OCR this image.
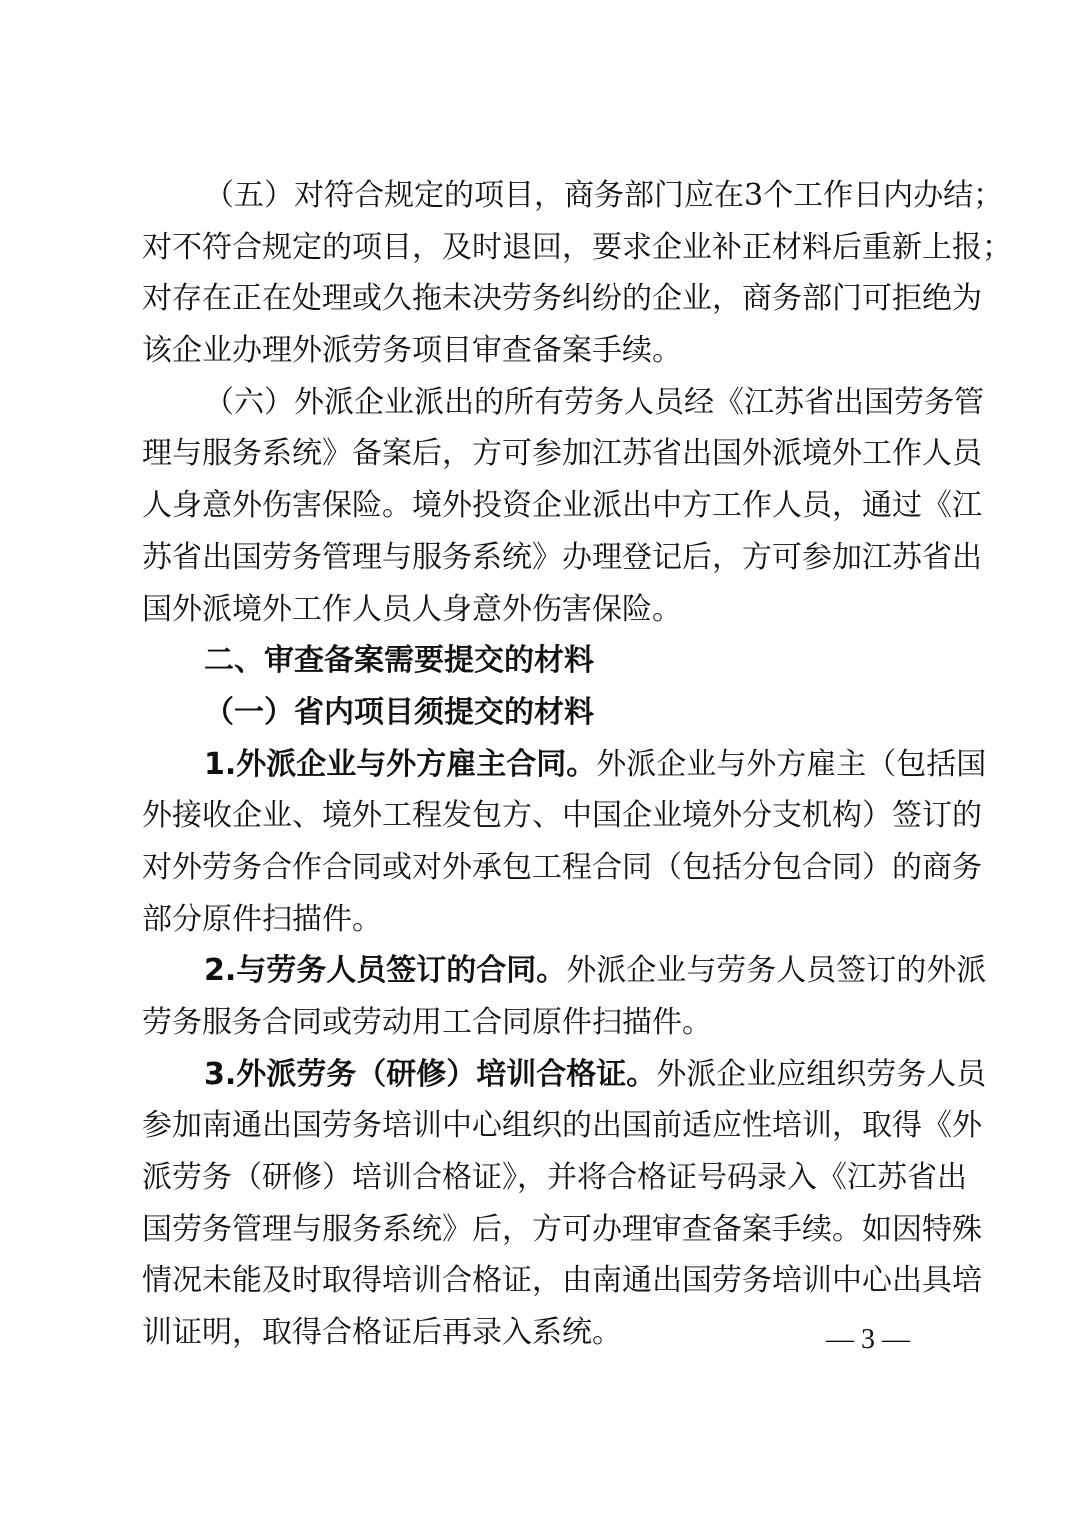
（五）对符合规定的项目，商务部门应在3个工作日内办结；
对不符合规定的项目，及时退回，要求企业补正材料后重新上报；
对存在正在处理或久拖未决劳务纠纷的企业，商务部门可拒绝为
该企业办理外派劳务项目审查备案手续。
（六）外派企业派出的所有劳务人员经《江苏省出国劳务管
理与服务系统》备案后，方可参加江苏省出国外派境外工作人员
人身意外伤害保险。境外投资企业派出中方工作人员，通过《江
苏省出国劳务管理与服务系统》办理登记后，方可参加江苏省出
国外派境外工作人员人身意外伤害保险。
二、审查备案需要提交的材料
（一）省内项目须提交的材料
1.外派企业与外方雇主合同。外派企业与外方雇主（包括国
外接收企业、境外工程发包方、中国企业境外分支机构）签订的
对外劳务合作合同或对外承包工程合同（包括分包合同）的商务
部分原件扫描件。
2.与劳务人员签订的合同。外派企业与劳务人员签订的外派
劳务服务合同或劳动用工合同原件扫描件。
3.外派劳务（研修）培训合格证。外派企业应组织劳务人员
参加南通出国劳务培训中心组织的出国前适应性培训，取得《外
派劳务（研修）培训合格证》，并将合格证号码录入《江苏省出
国劳务管理与服务系统》后，方可办理审查备案手续。如因特殊
情况未能及时取得培训合格证，由南通出国劳务培训中心出具培
训证明，取得合格证后再录入系统。	— 3 —
